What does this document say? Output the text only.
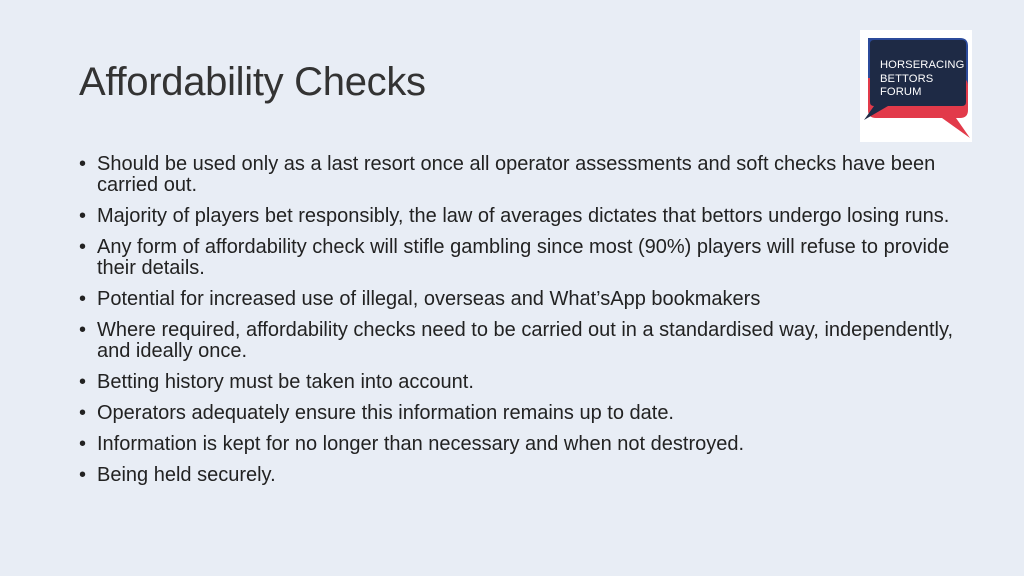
Affordability Checks	HORSERACING
BETTORS
FORUM
• Should be used only as a last resort once all operator assessments and soft checks have been carried out.
• Majority of players bet responsibly, the law of averages dictates that bettors undergo losing runs.
• Any form of affordability check will stifle gambling since most (90%) players will refuse to provide their details.
• Potential for increased use of illegal, overseas and What’sApp bookmakers
• Where required, affordability checks need to be carried out in a standardised way, independently, and ideally once.
• Betting history must be taken into account.
• Operators adequately ensure this information remains up to date.
• Information is kept for no longer than necessary and when not destroyed.
• Being held securely.
